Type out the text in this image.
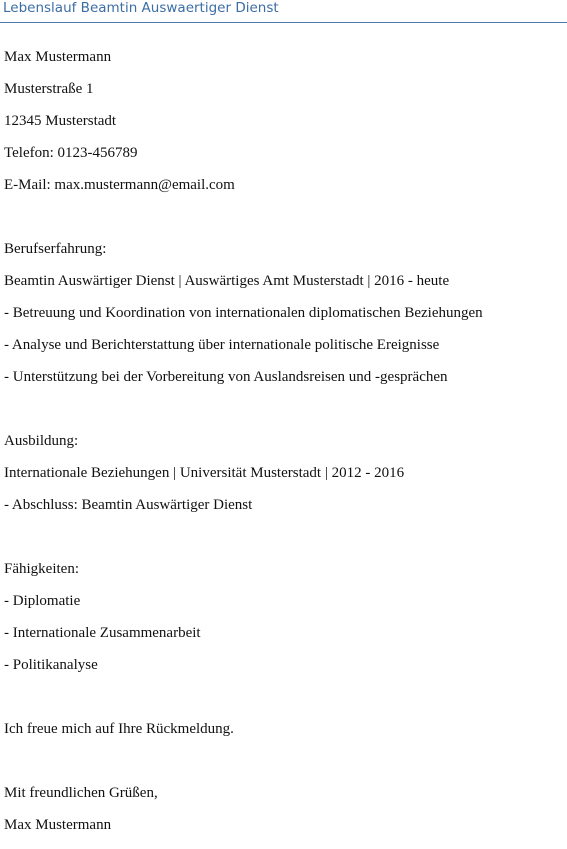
Lebenslauf Beamtin Auswaertiger Dienst
Max Mustermann
Musterstraße 1
12345 Musterstadt
Telefon: 0123-456789
E-Mail: max.mustermann@email.com
Berufserfahrung:
Beamtin Auswärtiger Dienst | Auswärtiges Amt Musterstadt | 2016 - heute
- Betreuung und Koordination von internationalen diplomatischen Beziehungen
- Analyse und Berichterstattung über internationale politische Ereignisse
- Unterstützung bei der Vorbereitung von Auslandsreisen und -gesprächen
Ausbildung:
Internationale Beziehungen | Universität Musterstadt | 2012 - 2016
- Abschluss: Beamtin Auswärtiger Dienst
Fähigkeiten:
- Diplomatie
- Internationale Zusammenarbeit
- Politikanalyse
Ich freue mich auf Ihre Rückmeldung.
Mit freundlichen Grüßen,
Max Mustermann
